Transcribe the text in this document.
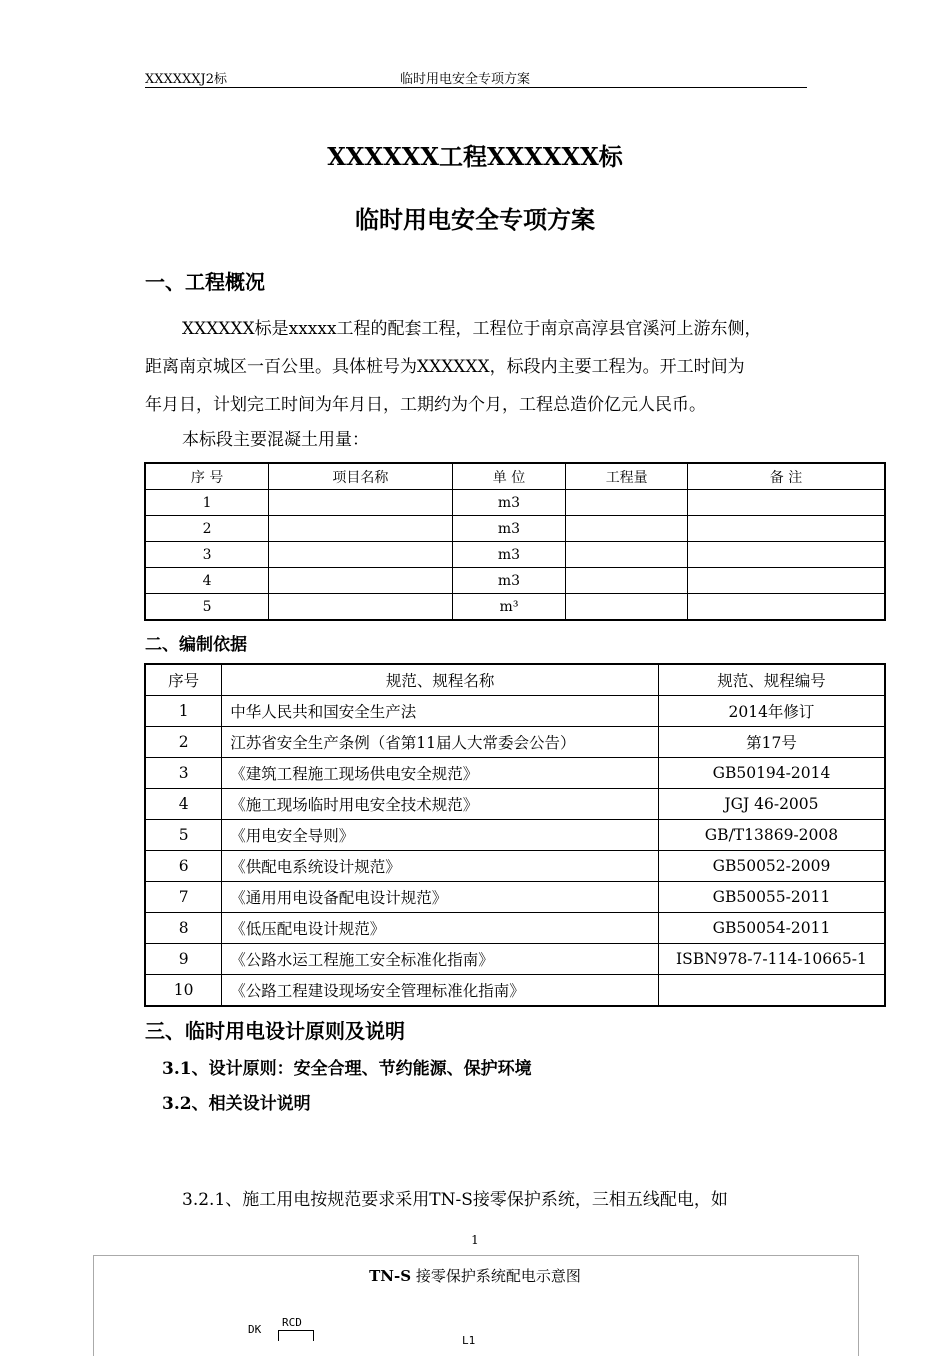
XXXXXXJ2标	临时用电安全专项方案
XXXXXX工程XXXXXX标
临时用电安全专项方案
一、工程概况
XXXXXX标是xxxxx工程的配套工程，工程位于南京高淳县官溪河上游东侧，
距离南京城区一百公里。具体桩号为XXXXXX，标段内主要工程为。开工时间为
年月日，计划完工时间为年月日，工期约为个月，工程总造价亿元人民币。
本标段主要混凝土用量：
序 号	项目名称	单 位	工程量	备 注
1		m3		
2		m3		
3		m3		
4		m3		
5		m³		
二、编制依据
序号	规范、规程名称	规范、规程编号
1	中华人民共和国安全生产法	2014年修订
2	江苏省安全生产条例（省第11届人大常委会公告）	第17号
3	《建筑工程施工现场供电安全规范》	GB50194-2014
4	《施工现场临时用电安全技术规范》	JGJ 46-2005
5	《用电安全导则》	GB/T13869-2008
6	《供配电系统设计规范》	GB50052-2009
7	《通用用电设备配电设计规范》	GB50055-2011
8	《低压配电设计规范》	GB50054-2011
9	《公路水运工程施工安全标准化指南》	ISBN978-7-114-10665-1
10	《公路工程建设现场安全管理标准化指南》	
三、临时用电设计原则及说明
3.1、设计原则：安全合理、节约能源、保护环境
3.2、相关设计说明
3.2.1、施工用电按规范要求采用TN-S接零保护系统，三相五线配电，如
1
TN-S 接零保护系统配电示意图
DK
RCD
L1
